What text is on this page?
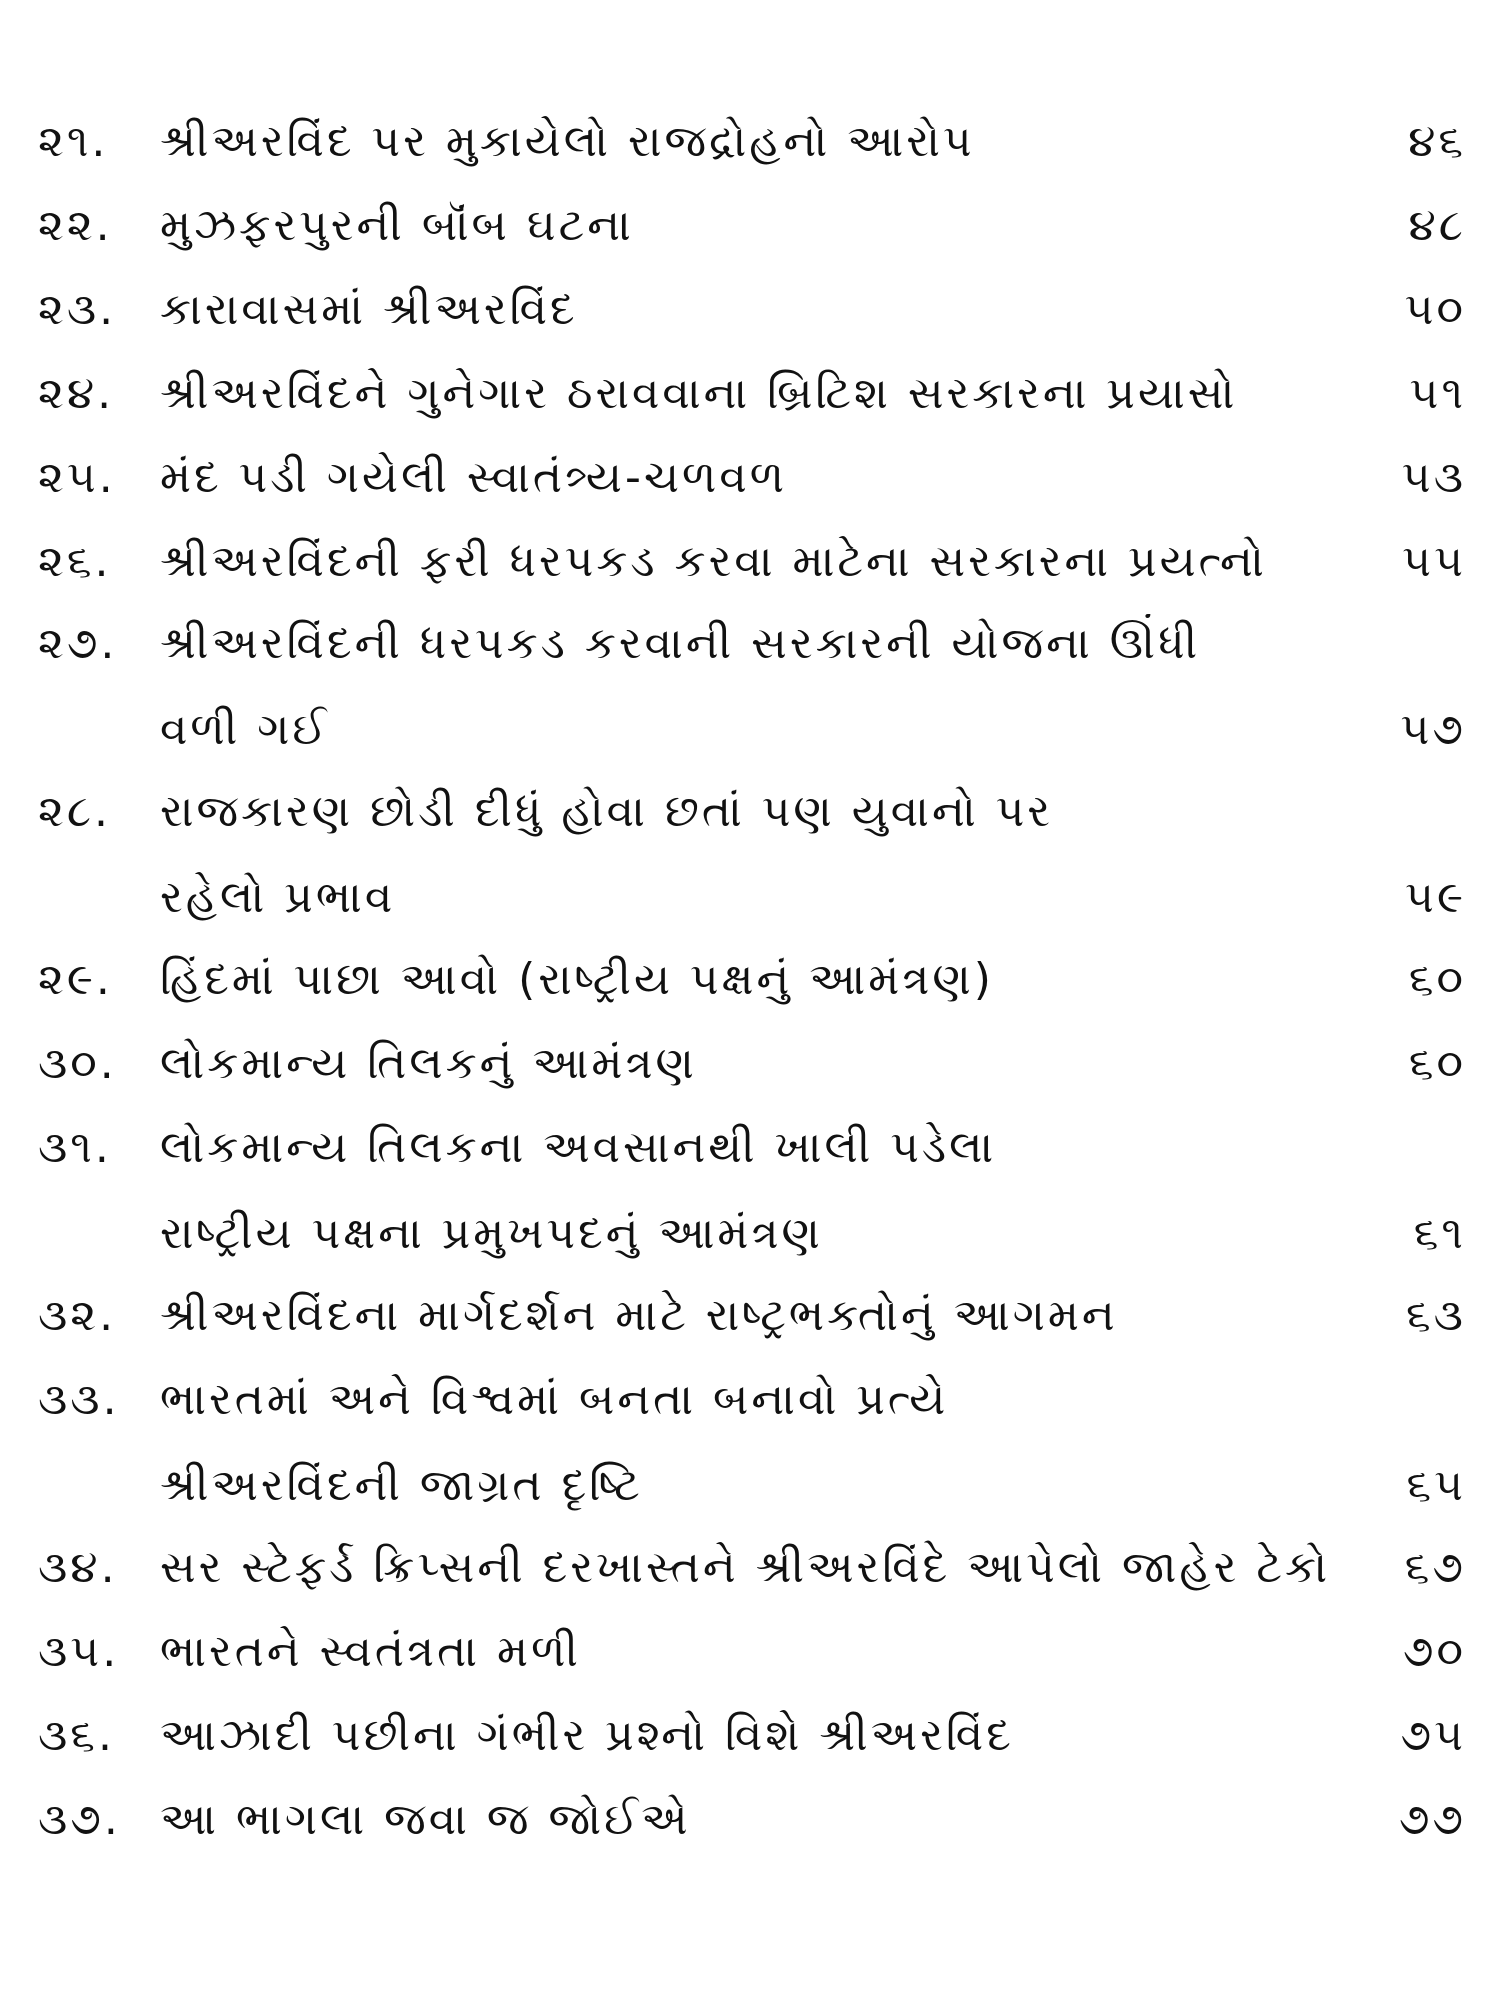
૨૧. શ્રીઅરવિંદ પર મુકાયેલો રાજદ્રોહનો આરોપ	૪૬
૨૨. મુઝફરપુરની બૉંબ ઘટના	૪૮
૨૩. કારાવાસમાં શ્રીઅરવિંદ	૫૦
૨૪. શ્રીઅરવિંદને ગુનેગાર ઠરાવવાના બ્રિટિશ સરકારના પ્રયાસો	૫૧
૨૫. મંદ પડી ગયેલી સ્વાતંત્ર્ય-ચળવળ	૫૩
૨૬. શ્રીઅરવિંદની ફરી ધરપકડ કરવા માટેના સરકારના પ્રયત્નો	૫૫
૨૭. શ્રીઅરવિંદની ધરપકડ કરવાની સરકારની યોજના ઊંધી
વળી ગઈ	૫૭
૨૮. રાજકારણ છોડી દીધું હોવા છતાં પણ યુવાનો પર
રહેલો પ્રભાવ	૫૯
૨૯. હિંદમાં પાછા આવો (રાષ્ટ્રીય પક્ષનું આમંત્રણ)	૬૦
૩૦. લોકમાન્ય તિલકનું આમંત્રણ	૬૦
૩૧. લોકમાન્ય તિલકના અવસાનથી ખાલી પડેલા
રાષ્ટ્રીય પક્ષના પ્રમુખપદનું આમંત્રણ	૬૧
૩૨. શ્રીઅરવિંદના માર્ગદર્શન માટે રાષ્ટ્રભક્તોનું આગમન	૬૩
૩૩. ભારતમાં અને વિશ્વમાં બનતા બનાવો પ્રત્યે
શ્રીઅરવિંદની જાગ્રત દૃષ્ટિ	૬૫
૩૪. સર સ્ટેફર્ડ ક્રિપ્સની દરખાસ્તને શ્રીઅરવિંદે આપેલો જાહેર ટેકો ૬૭
૩૫. ભારતને સ્વતંત્રતા મળી	૭૦
૩૬. આઝાદી પછીના ગંભીર પ્રશ્નો વિશે શ્રીઅરવિંદ	૭૫
૩૭. આ ભાગલા જવા જ જોઈએ	૭૭
